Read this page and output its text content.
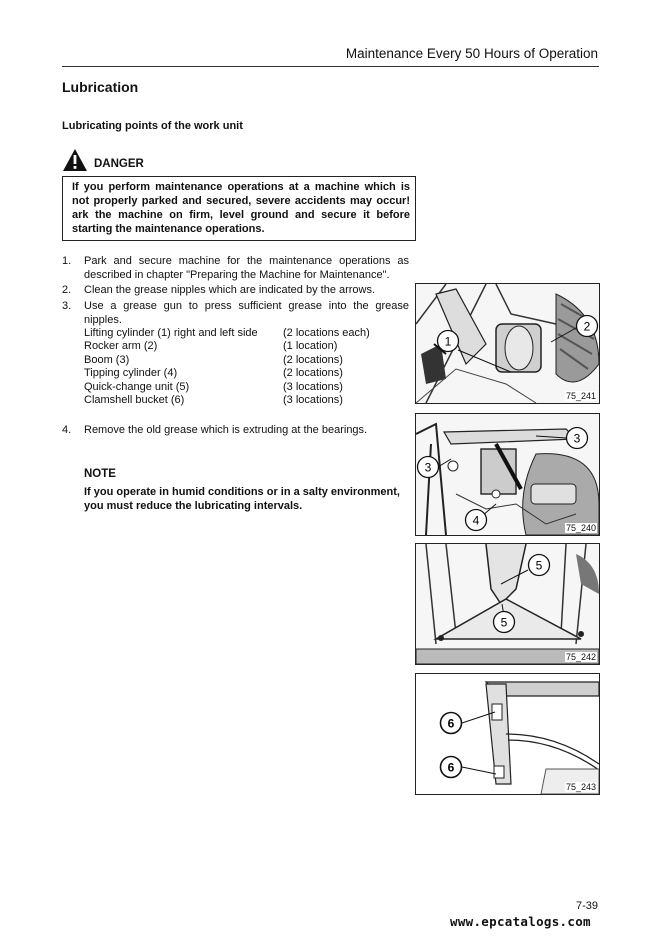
Maintenance Every 50 Hours of Operation
Lubrication
Lubricating points of the work unit
DANGER
If you perform maintenance operations at a machine which is not properly parked and secured, severe accidents may occur! ark the machine on firm, level ground and secure it before starting the maintenance operations.
1.	Park and secure machine for the maintenance operations as described in chapter "Preparing the Machine for Maintenance".
2.	Clean the grease nipples which are indicated by the arrows.
3.	Use a grease gun to press sufficient grease into the grease nipples.
Lifting cylinder (1) right and left side	(2 locations each)
Rocker arm (2)	(1 location)
Boom (3)	(2 locations)
Tipping cylinder (4)	(2 locations)
Quick-change unit (5)	(3 locations)
Clamshell bucket (6)	(3 locations)
4.	Remove the old grease which is extruding at the bearings.
NOTE
If you operate in humid conditions or in a salty environment, you must reduce the lubricating intervals.
1
2
75_241
3
3
4
75_240
5
5
75_242
6
6
75_243
7-39
www.epcatalogs.com
